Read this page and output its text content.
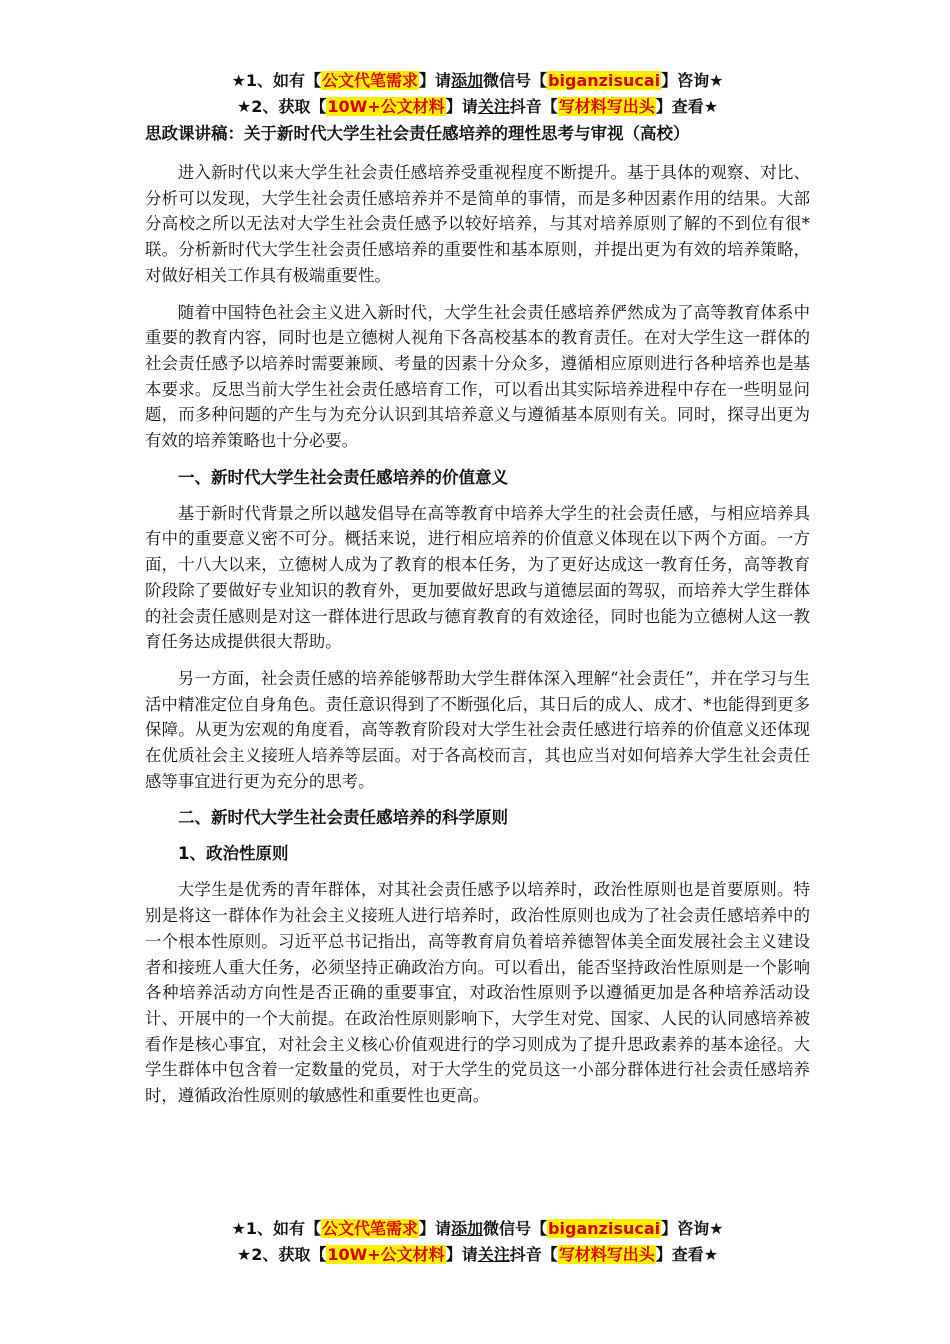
★1、如有【公文代笔需求】请添加微信号【biganzisucai】咨询★
★2、获取【10W+公文材料】请关注抖音【写材料写出头】查看★
思政课讲稿：关于新时代大学生社会责任感培养的理性思考与审视（高校）

进入新时代以来大学生社会责任感培养受重视程度不断提升。基于具体的观察、对比、分析可以发现，大学生社会责任感培养并不是简单的事情，而是多种因素作用的结果。大部分高校之所以无法对大学生社会责任感予以较好培养，与其对培养原则了解的不到位有很*联。分析新时代大学生社会责任感培养的重要性和基本原则，并提出更为有效的培养策略，对做好相关工作具有极端重要性。

随着中国特色社会主义进入新时代，大学生社会责任感培养俨然成为了高等教育体系中重要的教育内容，同时也是立德树人视角下各高校基本的教育责任。在对大学生这一群体的社会责任感予以培养时需要兼顾、考量的因素十分众多，遵循相应原则进行各种培养也是基本要求。反思当前大学生社会责任感培育工作，可以看出其实际培养进程中存在一些明显问题，而多种问题的产生与为充分认识到其培养意义与遵循基本原则有关。同时，探寻出更为有效的培养策略也十分必要。

一、新时代大学生社会责任感培养的价值意义

基于新时代背景之所以越发倡导在高等教育中培养大学生的社会责任感，与相应培养具有中的重要意义密不可分。概括来说，进行相应培养的价值意义体现在以下两个方面。一方面，十八大以来，立德树人成为了教育的根本任务，为了更好达成这一教育任务，高等教育阶段除了要做好专业知识的教育外，更加要做好思政与道德层面的驾驭，而培养大学生群体的社会责任感则是对这一群体进行思政与德育教育的有效途径，同时也能为立德树人这一教育任务达成提供很大帮助。

另一方面，社会责任感的培养能够帮助大学生群体深入理解“社会责任”，并在学习与生活中精准定位自身角色。责任意识得到了不断强化后，其日后的成人、成才、*也能得到更多保障。从更为宏观的角度看，高等教育阶段对大学生社会责任感进行培养的价值意义还体现在优质社会主义接班人培养等层面。对于各高校而言，其也应当对如何培养大学生社会责任感等事宜进行更为充分的思考。

二、新时代大学生社会责任感培养的科学原则
1、政治性原则

大学生是优秀的青年群体，对其社会责任感予以培养时，政治性原则也是首要原则。特别是将这一群体作为社会主义接班人进行培养时，政治性原则也成为了社会责任感培养中的一个根本性原则。习近平总书记指出，高等教育肩负着培养德智体美全面发展社会主义建设者和接班人重大任务，必须坚持正确政治方向。可以看出，能否坚持政治性原则是一个影响各种培养活动方向性是否正确的重要事宜，对政治性原则予以遵循更加是各种培养活动设计、开展中的一个大前提。在政治性原则影响下，大学生对党、国家、人民的认同感培养被看作是核心事宜，对社会主义核心价值观进行的学习则成为了提升思政素养的基本途径。大学生群体中包含着一定数量的党员，对于大学生的党员这一小部分群体进行社会责任感培养时，遵循政治性原则的敏感性和重要性也更高。

★1、如有【公文代笔需求】请添加微信号【biganzisucai】咨询★
★2、获取【10W+公文材料】请关注抖音【写材料写出头】查看★
